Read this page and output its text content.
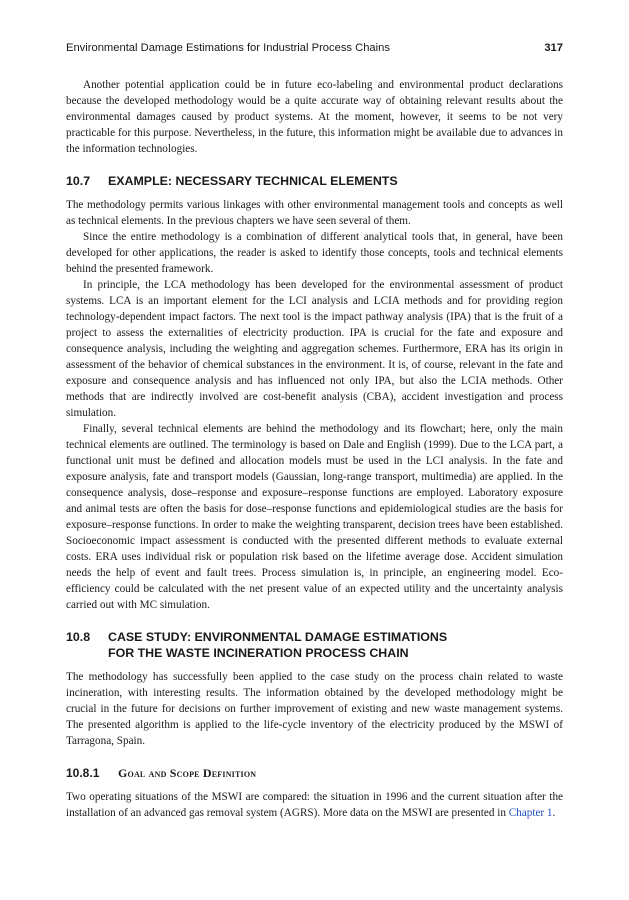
Environmental Damage Estimations for Industrial Process Chains	317

Another potential application could be in future eco-labeling and environmental product declarations because the developed methodology would be a quite accurate way of obtaining relevant results about the environmental damages caused by product systems. At the moment, however, it seems to be not very practicable for this purpose. Nevertheless, in the future, this information might be available due to advances in the information technologies.

10.7	EXAMPLE: NECESSARY TECHNICAL ELEMENTS

The methodology permits various linkages with other environmental management tools and concepts as well as technical elements. In the previous chapters we have seen several of them.

Since the entire methodology is a combination of different analytical tools that, in general, have been developed for other applications, the reader is asked to identify those concepts, tools and technical elements behind the presented framework.

In principle, the LCA methodology has been developed for the environmental assessment of product systems. LCA is an important element for the LCI analysis and LCIA methods and for providing region technology-dependent impact factors. The next tool is the impact pathway analysis (IPA) that is the fruit of a project to assess the externalities of electricity production. IPA is crucial for the fate and exposure and consequence analysis, including the weighting and aggregation schemes. Furthermore, ERA has its origin in assessment of the behavior of chemical substances in the environment. It is, of course, relevant in the fate and exposure and consequence analysis and has influenced not only IPA, but also the LCIA methods. Other methods that are indirectly involved are cost-benefit analysis (CBA), accident investigation and process simulation.

Finally, several technical elements are behind the methodology and its flowchart; here, only the main technical elements are outlined. The terminology is based on Dale and English (1999). Due to the LCA part, a functional unit must be defined and allocation models must be used in the LCI analysis. In the fate and exposure analysis, fate and transport models (Gaussian, long-range transport, multimedia) are applied. In the consequence analysis, dose–response and exposure–response functions are employed. Laboratory exposure and animal tests are often the basis for dose–response functions and epidemiological studies are the basis for exposure–response functions. In order to make the weighting transparent, decision trees have been established. Socioeconomic impact assessment is conducted with the presented different methods to evaluate external costs. ERA uses individual risk or population risk based on the lifetime average dose. Accident simulation needs the help of event and fault trees. Process simulation is, in principle, an engineering model. Eco-efficiency could be calculated with the net present value of an expected utility and the uncertainty analysis carried out with MC simulation.

10.8	CASE STUDY: ENVIRONMENTAL DAMAGE ESTIMATIONS
FOR THE WASTE INCINERATION PROCESS CHAIN

The methodology has successfully been applied to the case study on the process chain related to waste incineration, with interesting results. The information obtained by the developed methodology might be crucial in the future for decisions on further improvement of existing and new waste management systems. The presented algorithm is applied to the life-cycle inventory of the electricity produced by the MSWI of Tarragona, Spain.

10.8.1	Goal and Scope Definition

Two operating situations of the MSWI are compared: the situation in 1996 and the current situation after the installation of an advanced gas removal system (AGRS). More data on the MSWI are presented in Chapter 1.
